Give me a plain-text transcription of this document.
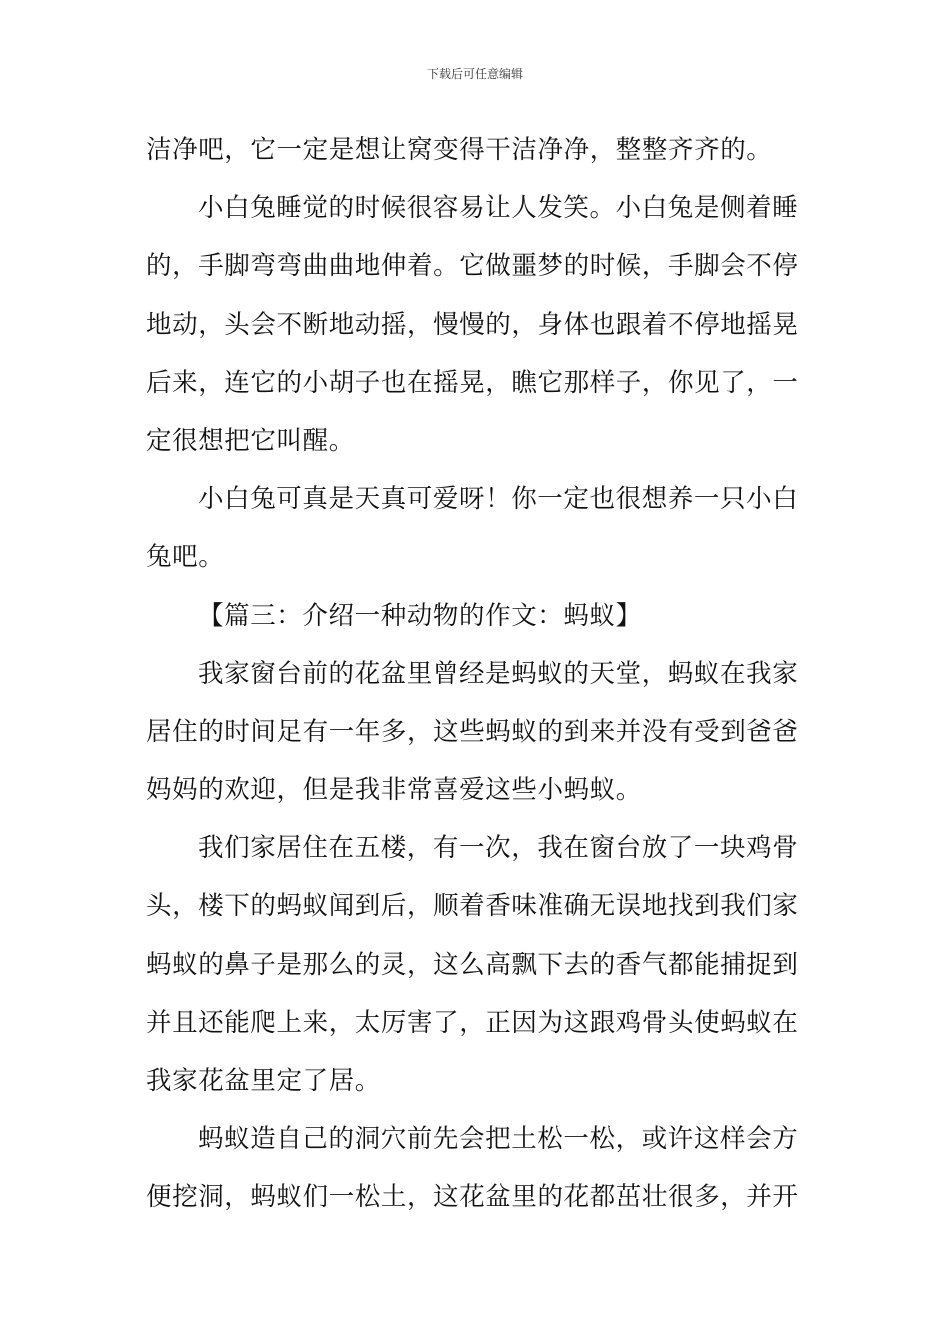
下载后可任意编辑

洁净吧，它一定是想让窝变得干洁净净，整整齐齐的。

小白兔睡觉的时候很容易让人发笑。小白兔是侧着睡
的，手脚弯弯曲曲地伸着。它做噩梦的时候，手脚会不停
地动，头会不断地动摇，慢慢的，身体也跟着不停地摇晃
后来，连它的小胡子也在摇晃，瞧它那样子，你见了，一
定很想把它叫醒。

小白兔可真是天真可爱呀！你一定也很想养一只小白
兔吧。

【篇三：介绍一种动物的作文：蚂蚁】

我家窗台前的花盆里曾经是蚂蚁的天堂，蚂蚁在我家
居住的时间足有一年多，这些蚂蚁的到来并没有受到爸爸
妈妈的欢迎，但是我非常喜爱这些小蚂蚁。

我们家居住在五楼，有一次，我在窗台放了一块鸡骨
头，楼下的蚂蚁闻到后，顺着香味准确无误地找到我们家
蚂蚁的鼻子是那么的灵，这么高飘下去的香气都能捕捉到
并且还能爬上来，太厉害了，正因为这跟鸡骨头使蚂蚁在
我家花盆里定了居。

蚂蚁造自己的洞穴前先会把土松一松，或许这样会方
便挖洞，蚂蚁们一松土，这花盆里的花都茁壮很多，并开
